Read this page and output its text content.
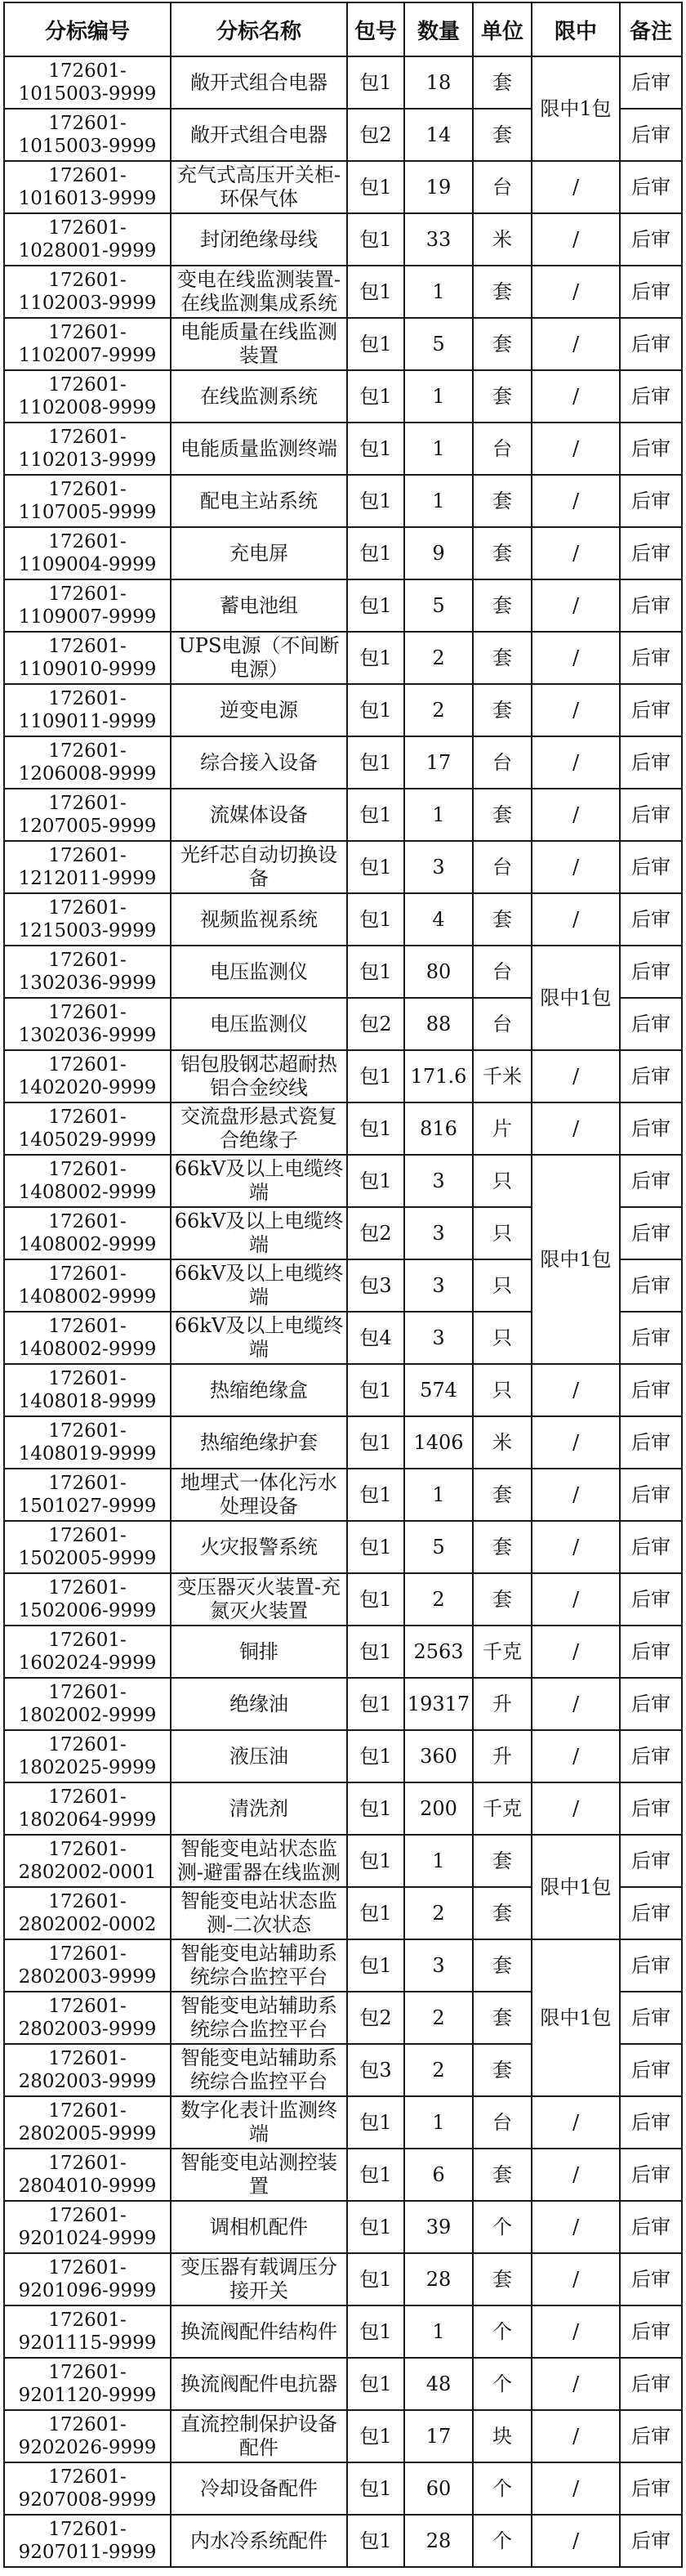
分标编号	分标名称	包号	数量	单位	限中	备注
172601-1015003-9999	敞开式组合电器	包1	18	套	限中1包	后审
172601-1015003-9999	敞开式组合电器	包2	14	套		后审
172601-1016013-9999	充气式高压开关柜-环保气体	包1	19	台	/	后审
172601-1028001-9999	封闭绝缘母线	包1	33	米	/	后审
172601-1102003-9999	变电在线监测装置-在线监测集成系统	包1	1	套	/	后审
172601-1102007-9999	电能质量在线监测装置	包1	5	套	/	后审
172601-1102008-9999	在线监测系统	包1	1	套	/	后审
172601-1102013-9999	电能质量监测终端	包1	1	台	/	后审
172601-1107005-9999	配电主站系统	包1	1	套	/	后审
172601-1109004-9999	充电屏	包1	9	套	/	后审
172601-1109007-9999	蓄电池组	包1	5	套	/	后审
172601-1109010-9999	UPS电源（不间断电源）	包1	2	套	/	后审
172601-1109011-9999	逆变电源	包1	2	套	/	后审
172601-1206008-9999	综合接入设备	包1	17	台	/	后审
172601-1207005-9999	流媒体设备	包1	1	套	/	后审
172601-1212011-9999	光纤芯自动切换设备	包1	3	台	/	后审
172601-1215003-9999	视频监视系统	包1	4	套	/	后审
172601-1302036-9999	电压监测仪	包1	80	台	限中1包	后审
172601-1302036-9999	电压监测仪	包2	88	台		后审
172601-1402020-9999	铝包股钢芯超耐热铝合金绞线	包1	171.6	千米	/	后审
172601-1405029-9999	交流盘形悬式瓷复合绝缘子	包1	816	片	/	后审
172601-1408002-9999	66kV及以上电缆终端	包1	3	只	限中1包	后审
172601-1408002-9999	66kV及以上电缆终端	包2	3	只		后审
172601-1408002-9999	66kV及以上电缆终端	包3	3	只		后审
172601-1408002-9999	66kV及以上电缆终端	包4	3	只		后审
172601-1408018-9999	热缩绝缘盒	包1	574	只	/	后审
172601-1408019-9999	热缩绝缘护套	包1	1406	米	/	后审
172601-1501027-9999	地埋式一体化污水处理设备	包1	1	套	/	后审
172601-1502005-9999	火灾报警系统	包1	5	套	/	后审
172601-1502006-9999	变压器灭火装置-充氮灭火装置	包1	2	套	/	后审
172601-1602024-9999	铜排	包1	2563	千克	/	后审
172601-1802002-9999	绝缘油	包1	19317	升	/	后审
172601-1802025-9999	液压油	包1	360	升	/	后审
172601-1802064-9999	清洗剂	包1	200	千克	/	后审
172601-2802002-0001	智能变电站状态监测-避雷器在线监测	包1	1	套	限中1包	后审
172601-2802002-0002	智能变电站状态监测-二次状态	包1	2	套		后审
172601-2802003-9999	智能变电站辅助系统综合监控平台	包1	3	套	限中1包	后审
172601-2802003-9999	智能变电站辅助系统综合监控平台	包2	2	套		后审
172601-2802003-9999	智能变电站辅助系统综合监控平台	包3	2	套		后审
172601-2802005-9999	数字化表计监测终端	包1	1	台	/	后审
172601-2804010-9999	智能变电站测控装置	包1	6	套	/	后审
172601-9201024-9999	调相机配件	包1	39	个	/	后审
172601-9201096-9999	变压器有载调压分接开关	包1	28	套	/	后审
172601-9201115-9999	换流阀配件结构件	包1	1	个	/	后审
172601-9201120-9999	换流阀配件电抗器	包1	48	个	/	后审
172601-9202026-9999	直流控制保护设备配件	包1	17	块	/	后审
172601-9207008-9999	冷却设备配件	包1	60	个	/	后审
172601-9207011-9999	内水冷系统配件	包1	28	个	/	后审
